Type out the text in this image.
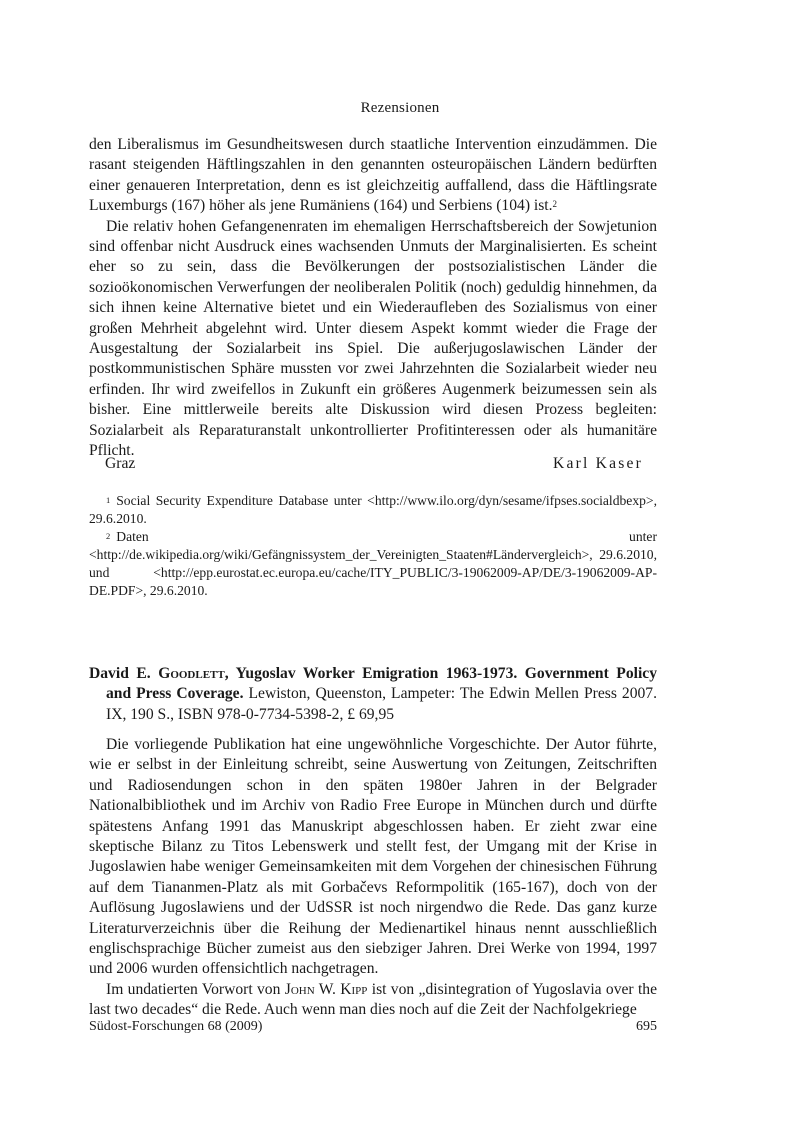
Rezensionen

den Liberalismus im Gesundheitswesen durch staatliche Intervention einzudämmen. Die rasant steigenden Häftlingszahlen in den genannten osteuropäischen Ländern bedürften einer genaueren Interpretation, denn es ist gleichzeitig auffallend, dass die Häftlingsrate Luxemburgs (167) höher als jene Rumäniens (164) und Serbiens (104) ist.$^2$

Die relativ hohen Gefangenenraten im ehemaligen Herrschaftsbereich der Sowjetunion sind offenbar nicht Ausdruck eines wachsenden Unmuts der Marginalisierten. Es scheint eher so zu sein, dass die Bevölkerungen der postsozialistischen Länder die sozioökonomischen Verwerfungen der neoliberalen Politik (noch) geduldig hinnehmen, da sich ihnen keine Alternative bietet und ein Wiederaufleben des Sozialismus von einer großen Mehrheit abgelehnt wird. Unter diesem Aspekt kommt wieder die Frage der Ausgestaltung der Sozialarbeit ins Spiel. Die außerjugoslawischen Länder der postkommunistischen Sphäre mussten vor zwei Jahrzehnten die Sozialarbeit wieder neu erfinden. Ihr wird zweifellos in Zukunft ein größeres Augenmerk beizumessen sein als bisher. Eine mittlerweile bereits alte Diskussion wird diesen Prozess begleiten: Sozialarbeit als Reparaturanstalt unkontrollierter Profitinteressen oder als humanitäre Pflicht.

Graz	Karl Kaser

$^1$ Social Security Expenditure Database unter <http://www.ilo.org/dyn/sesame/ifpses.socialdbexp>, 29.6.2010.

$^2$ Daten unter <http://de.wikipedia.org/wiki/Gefängnissystem_der_Vereinigten_Staaten#Ländervergleich>, 29.6.2010, und <http://epp.eurostat.ec.europa.eu/cache/ITY_PUBLIC/3-19062009-AP/DE/3-19062009-AP-DE.PDF>, 29.6.2010.

David E. Goodlett, Yugoslav Worker Emigration 1963-1973. Government Policy and Press Coverage. Lewiston, Queenston, Lampeter: The Edwin Mellen Press 2007. IX, 190 S., ISBN 978-0-7734-5398-2, £ 69,95

Die vorliegende Publikation hat eine ungewöhnliche Vorgeschichte. Der Autor führte, wie er selbst in der Einleitung schreibt, seine Auswertung von Zeitungen, Zeitschriften und Radiosendungen schon in den späten 1980er Jahren in der Belgrader Nationalbibliothek und im Archiv von Radio Free Europe in München durch und dürfte spätestens Anfang 1991 das Manuskript abgeschlossen haben. Er zieht zwar eine skeptische Bilanz zu Titos Lebenswerk und stellt fest, der Umgang mit der Krise in Jugoslawien habe weniger Gemeinsamkeiten mit dem Vorgehen der chinesischen Führung auf dem Tiananmen-Platz als mit Gorbačevs Reformpolitik (165-167), doch von der Auflösung Jugoslawiens und der UdSSR ist noch nirgendwo die Rede. Das ganz kurze Literaturverzeichnis über die Reihung der Medienartikel hinaus nennt ausschließlich englischsprachige Bücher zumeist aus den siebziger Jahren. Drei Werke von 1994, 1997 und 2006 wurden offensichtlich nachgetragen.

Im undatierten Vorwort von John W. Kipp ist von „disintegration of Yugoslavia over the last two decades“ die Rede. Auch wenn man dies noch auf die Zeit der Nachfolgekriege

Südost-Forschungen 68 (2009)	695
